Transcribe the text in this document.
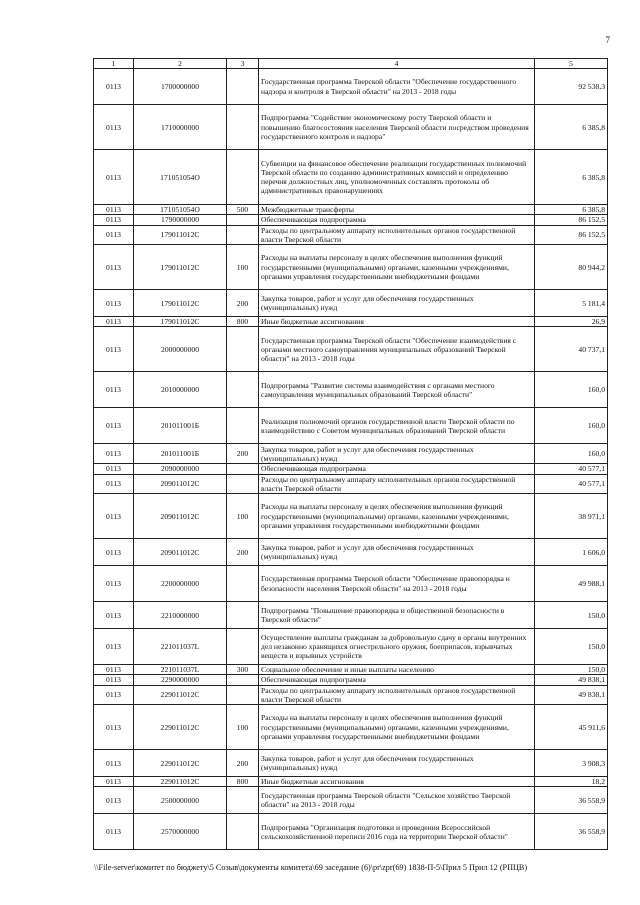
7
1	2	3	4	5
0113	1700000000		Государственная программа Тверской области "Обеспечение государственного надзора и контроля в Тверской области" на 2013 - 2018 годы	92 538,3
0113	1710000000		Подпрограмма "Содействие экономическому росту Тверской области и повышению благосостояния населения Тверской области посредством проведения государственного контроля и надзора"	6 385,8
0113	171051054О		Субвенции на финансовое обеспечение реализации государственных полномочий Тверской области по созданию административных комиссий и определению перечня должностных лиц, уполномоченных составлять протоколы об административных правонарушениях	6 385,8
0113	171051054О	500	Межбюджетные трансферты	6 385,8
0113	1790000000		Обеспечивающая подпрограмма	86 152,5
0113	179011012С		Расходы по центральному аппарату исполнительных органов государственной власти Тверской области	86 152,5
0113	179011012С	100	Расходы на выплаты персоналу в целях обеспечения выполнения функций государственными (муниципальными) органами, казенными учреждениями, органами управления государственными внебюджетными фондами	80 944,2
0113	179011012С	200	Закупка товаров, работ и услуг для обеспечения государственных (муниципальных) нужд	5 181,4
0113	179011012С	800	Иные бюджетные ассигнования	26,9
0113	2000000000		Государственная программа Тверской области "Обеспечение взаимодействия с органами местного самоуправления муниципальных образований Тверской области" на 2013 - 2018 годы	40 737,1
0113	2010000000		Подпрограмма "Развитие системы взаимодействия с органами местного самоуправления муниципальных образований Тверской области"	160,0
0113	201011001Б		Реализация полномочий органов государственной власти Тверской области по взаимодействию с Советом муниципальных образований Тверской области	160,0
0113	201011001Б	200	Закупка товаров, работ и услуг для обеспечения государственных (муниципальных) нужд	160,0
0113	2090000000		Обеспечивающая подпрограмма	40 577,1
0113	209011012С		Расходы по центральному аппарату исполнительных органов государственной власти Тверской области	40 577,1
0113	209011012С	100	Расходы на выплаты персоналу в целях обеспечения выполнения функций государственными (муниципальными) органами, казенными учреждениями, органами управления государственными внебюджетными фондами	38 971,1
0113	209011012С	200	Закупка товаров, работ и услуг для обеспечения государственных (муниципальных) нужд	1 606,0
0113	2200000000		Государственная программа Тверской области "Обеспечение правопорядка и безопасности населения Тверской области" на 2013 - 2018 годы	49 988,1
0113	2210000000		Подпрограмма "Повышение правопорядка и общественной безопасности в Тверской области"	150,0
0113	221011037L		Осуществление выплаты гражданам за добровольную сдачу в органы внутренних дел незаконно хранящихся огнестрельного оружия, боеприпасов, взрывчатых веществ и взрывных устройств	150,0
0113	221011037L	300	Социальное обеспечение и иные выплаты населению	150,0
0113	2290000000		Обеспечивающая подпрограмма	49 838,1
0113	229011012С		Расходы по центральному аппарату исполнительных органов государственной власти Тверской области	49 838,1
0113	229011012С	100	Расходы на выплаты персоналу в целях обеспечения выполнения функций государственными (муниципальными) органами, казенными учреждениями, органами управления государственными внебюджетными фондами	45 911,6
0113	229011012С	200	Закупка товаров, работ и услуг для обеспечения государственных (муниципальных) нужд	3 908,3
0113	229011012С	800	Иные бюджетные ассигнования	18,2
0113	2500000000		Государственная программа Тверской области "Сельское хозяйство Тверской области" на 2013 - 2018 годы	36 558,9
0113	2570000000		Подпрограмма "Организация подготовки и проведения Всероссийской сельскохозяйственной переписи 2016 года на территории Тверской области"	36 558,9
\\File-server\комитет по бюджету\5 Созыв\документы комитета\69 заседание (6)\pr\zpr(69) 1838-П-5\Прил 5 Прил 12 (РПЦВ)
